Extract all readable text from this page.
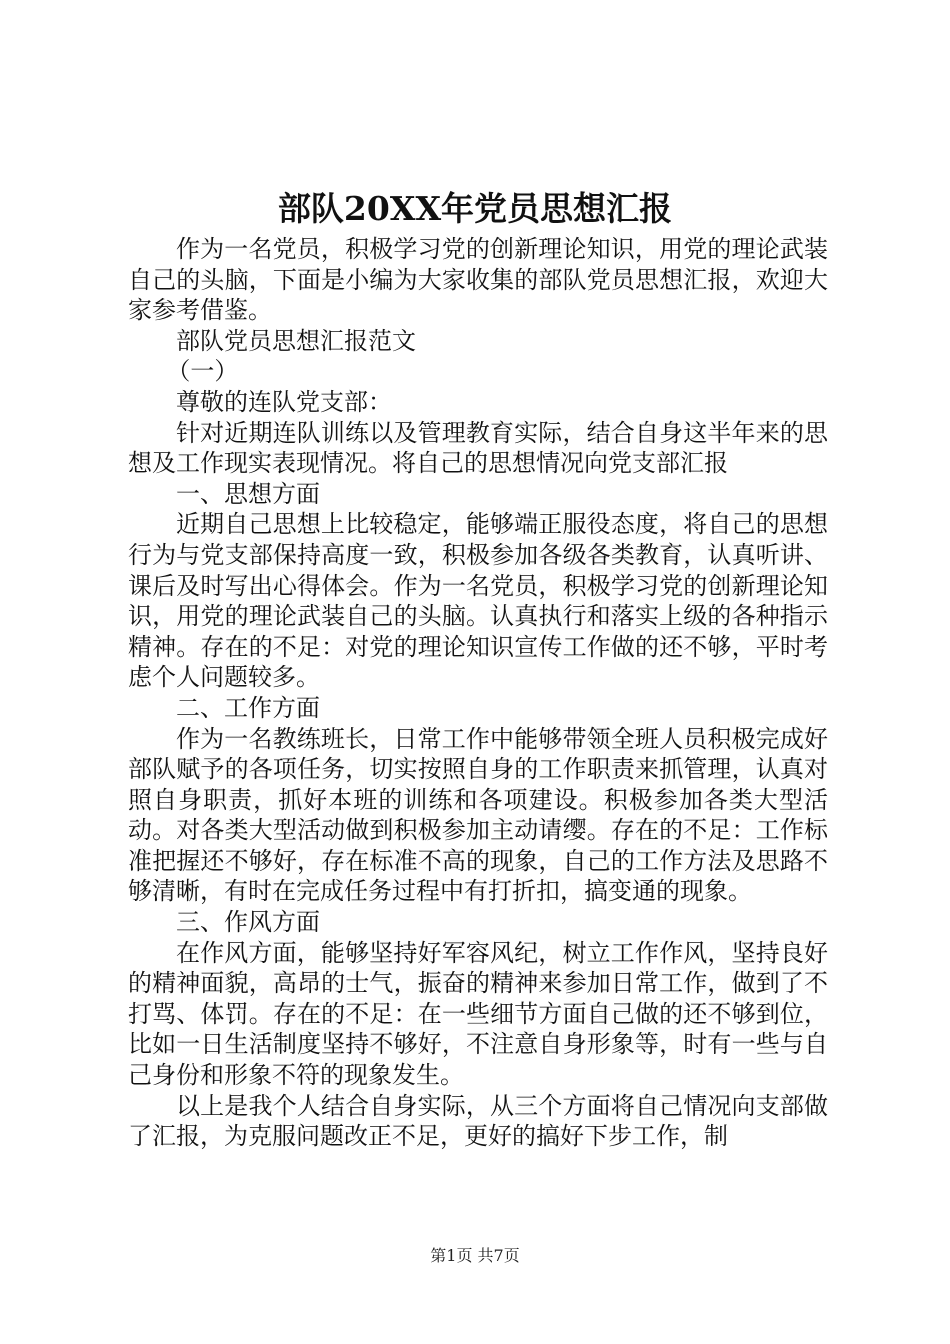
部队20XX年党员思想汇报

作为一名党员，积极学习党的创新理论知识，用党的理论武装自己的头脑，下面是小编为大家收集的部队党员思想汇报，欢迎大家参考借鉴。

部队党员思想汇报范文

（一）

尊敬的连队党支部：

针对近期连队训练以及管理教育实际，结合自身这半年来的思想及工作现实表现情况。将自己的思想情况向党支部汇报

一、思想方面

近期自己思想上比较稳定，能够端正服役态度，将自己的思想行为与党支部保持高度一致，积极参加各级各类教育，认真听讲、课后及时写出心得体会。作为一名党员，积极学习党的创新理论知识，用党的理论武装自己的头脑。认真执行和落实上级的各种指示精神。存在的不足：对党的理论知识宣传工作做的还不够，平时考虑个人问题较多。

二、工作方面

作为一名教练班长，日常工作中能够带领全班人员积极完成好部队赋予的各项任务，切实按照自身的工作职责来抓管理，认真对照自身职责，抓好本班的训练和各项建设。积极参加各类大型活动。对各类大型活动做到积极参加主动请缨。存在的不足：工作标准把握还不够好，存在标准不高的现象，自己的工作方法及思路不够清晰，有时在完成任务过程中有打折扣，搞变通的现象。

三、作风方面

在作风方面，能够坚持好军容风纪，树立工作作风，坚持良好的精神面貌，高昂的士气，振奋的精神来参加日常工作，做到了不打骂、体罚。存在的不足：在一些细节方面自己做的还不够到位，比如一日生活制度坚持不够好，不注意自身形象等，时有一些与自己身份和形象不符的现象发生。

以上是我个人结合自身实际，从三个方面将自己情况向支部做了汇报，为克服问题改正不足，更好的搞好下步工作，制

第1页 共7页
